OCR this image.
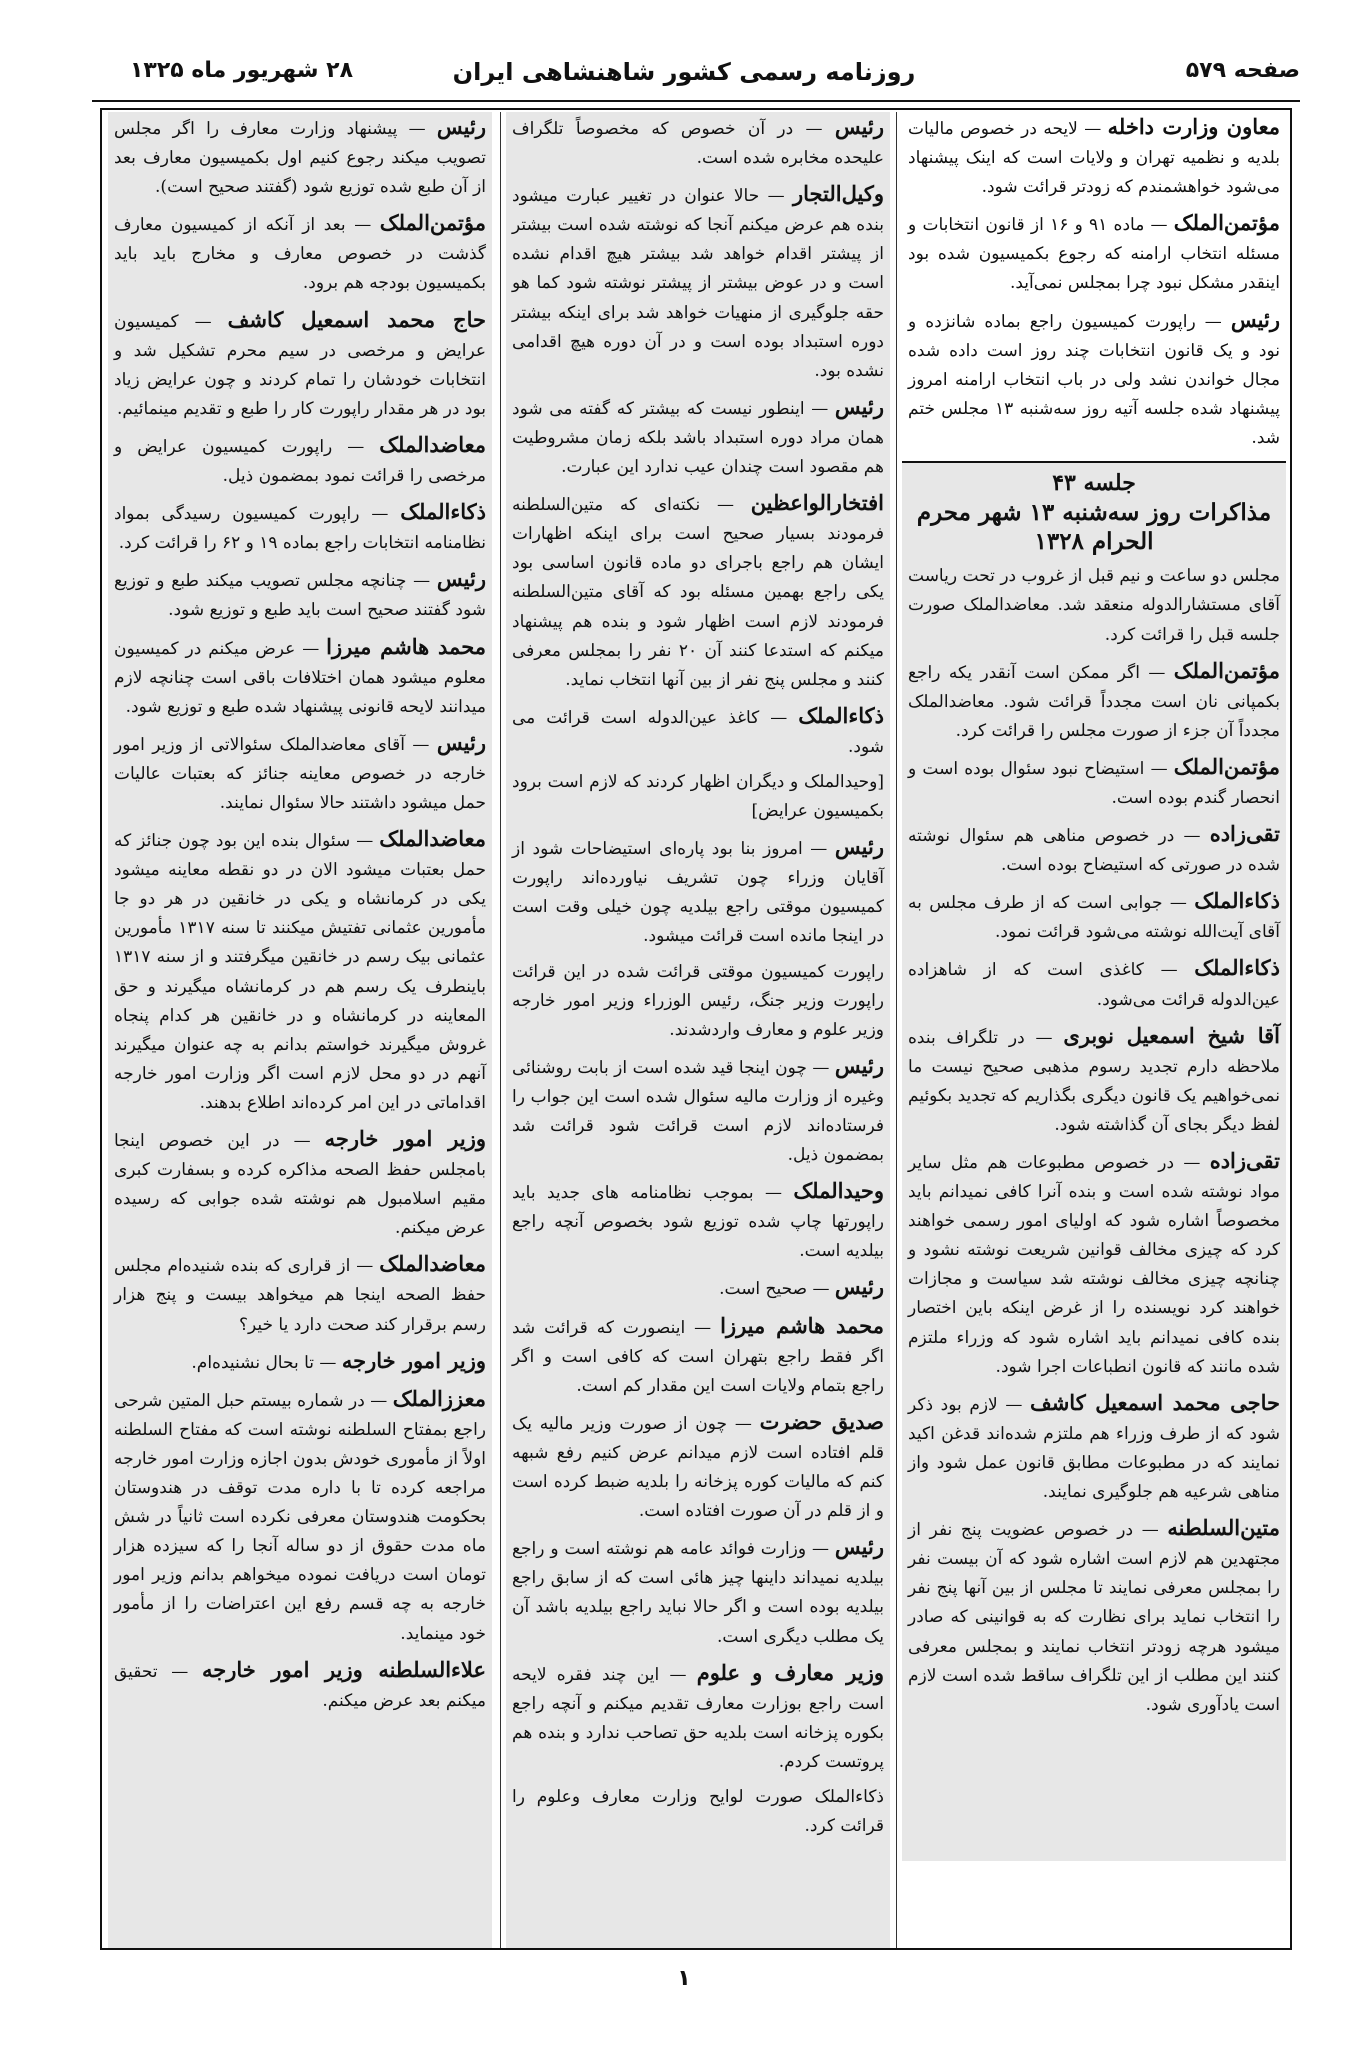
صفحه ۵۷۹
روزنامه رسمی کشور شاهنشاهی ایران
۲۸ شهریور ماه ۱۳۲۵

معاون وزارت داخله — لایحه در خصوص مالیات بلدیه و نظمیه تهران و ولایات است که اینک پیشنهاد می‌شود خواهشمندم که زودتر قرائت شود.

مؤتمن‌الملک — ماده ۹۱ و ۱۶ از قانون انتخابات و مسئله انتخاب ارامنه که رجوع بکمیسیون شده بود اینقدر مشکل نبود چرا بمجلس نمی‌آید.

رئیس — راپورت کمیسیون راجع بماده شانزده و نود و یک قانون انتخابات چند روز است داده شده مجال خواندن نشد ولی در باب انتخاب ارامنه امروز پیشنهاد شده جلسه آتیه روز سه‌شنبه ۱۳ مجلس ختم شد.

جلسه ۴۳
مذاکرات روز سه‌شنبه ۱۳ شهر محرم الحرام ۱۳۲۸

مجلس دو ساعت و نیم قبل از غروب در تحت ریاست آقای مستشارالدوله منعقد شد. معاضدالملک صورت جلسه قبل را قرائت کرد.

مؤتمن‌الملک — اگر ممکن است آنقدر یکه راجع بکمپانی نان است مجدداً قرائت شود. معاضدالملک مجدداً آن جزء از صورت مجلس را قرائت کرد.

مؤتمن‌الملک — استیضاح نبود سئوال بوده است و انحصار گندم بوده است.

تقی‌زاده — در خصوص مناهی هم سئوال نوشته شده در صورتی که استیضاح بوده است.

ذکاءالملک — جوابی است که از طرف مجلس به آقای آیت‌الله نوشته می‌شود قرائت نمود.

ذکاءالملک — کاغذی است که از شاهزاده عین‌الدوله قرائت می‌شود.

آقا شیخ اسمعیل نوبری — در تلگراف بنده ملاحظه دارم تجدید رسوم مذهبی صحیح نیست ما نمی‌خواهیم یک قانون دیگری بگذاریم که تجدید بکوئیم لفظ دیگر بجای آن گذاشته شود.

تقی‌زاده — در خصوص مطبوعات هم مثل سایر مواد نوشته شده است و بنده آنرا کافی نمیدانم باید مخصوصاً اشاره شود که اولیای امور رسمی خواهند کرد که چیزی مخالف قوانین شریعت نوشته نشود و چنانچه چیزی مخالف نوشته شد سیاست و مجازات خواهند کرد نویسنده را از غرض اینکه باین اختصار بنده کافی نمیدانم باید اشاره شود که وزراء ملتزم شده مانند که قانون انطباعات اجرا شود.

حاجی محمد اسمعیل کاشف — لازم بود ذکر شود که از طرف وزراء هم ملتزم شده‌اند قدغن اکید نمایند که در مطبوعات مطابق قانون عمل شود واز مناهی شرعیه هم جلوگیری نمایند.

متین‌السلطنه — در خصوص عضویت پنج نفر از مجتهدین هم لازم است اشاره شود که آن بیست نفر را بمجلس معرفی نمایند تا مجلس از بین آنها پنج نفر را انتخاب نماید برای نظارت که به قوانینی که صادر میشود هرچه زودتر انتخاب نمایند و بمجلس معرفی کنند این مطلب از این تلگراف ساقط شده است لازم است یادآوری شود.

رئیس — در آن خصوص که مخصوصاً تلگراف علیحده مخابره شده است.

وکیل‌التجار — حالا عنوان در تغییر عبارت میشود بنده هم عرض میکنم آنجا که نوشته شده است بیشتر از پیشتر اقدام خواهد شد بیشتر هیچ اقدام نشده است و در عوض بیشتر از پیشتر نوشته شود کما هو حقه جلوگیری از منهیات خواهد شد برای اینکه بیشتر دوره استبداد بوده است و در آن دوره هیچ اقدامی نشده بود.

رئیس — اینطور نیست که بیشتر که گفته می شود همان مراد دوره استبداد باشد بلکه زمان مشروطیت هم مقصود است چندان عیب ندارد این عبارت.

افتخارالواعظین — نکته‌ای که متین‌السلطنه فرمودند بسیار صحیح است برای اینکه اظهارات ایشان هم راجع باجرای دو ماده قانون اساسی بود یکی راجع بهمین مسئله بود که آقای متین‌السلطنه فرمودند لازم است اظهار شود و بنده هم پیشنهاد میکنم که استدعا کنند آن ۲۰ نفر را بمجلس معرفی کنند و مجلس پنج نفر از بین آنها انتخاب نماید.

ذکاءالملک — کاغذ عین‌الدوله است قرائت می شود.

[وحیدالملک و دیگران اظهار کردند که لازم است برود بکمیسیون عرایض]

رئیس — امروز بنا بود پاره‌ای استیضاحات شود از آقایان وزراء چون تشریف نیاورده‌اند راپورت کمیسیون موقتی راجع بیلدیه چون خیلی وقت است در اینجا مانده است قرائت میشود.

راپورت کمیسیون موقتی قرائت شده در این قرائت راپورت وزیر جنگ، رئیس الوزراء وزیر امور خارجه وزیر علوم و معارف واردشدند.

رئیس — چون اینجا قید شده است از بابت روشنائی وغیره از وزارت مالیه سئوال شده است این جواب را فرستاده‌اند لازم است قرائت شود قرائت شد بمضمون ذیل.

وحیدالملک — بموجب نظامنامه های جدید باید راپورتها چاپ شده توزیع شود بخصوص آنچه راجع بیلدیه است.

رئیس — صحیح است.

محمد هاشم میرزا — اینصورت که قرائت شد اگر فقط راجع بتهران است که کافی است و اگر راجع بتمام ولایات است این مقدار کم است.

صدیق حضرت — چون از صورت وزیر مالیه یک قلم افتاده است لازم میدانم عرض کنیم رفع شبهه کنم که مالیات کوره پزخانه را بلدیه ضبط کرده است و از قلم در آن صورت افتاده است.

رئیس — وزارت فوائد عامه هم نوشته است و راجع بیلدیه نمیداند داینها چیز هائی است که از سابق راجع بیلدیه بوده است و اگر حالا نباید راجع بیلدیه باشد آن یک مطلب دیگری است.

وزیر معارف و علوم — این چند فقره لایحه است راجع بوزارت معارف تقدیم میکنم و آنچه راجع بکوره پزخانه است بلدیه حق تصاحب ندارد و بنده هم پروتست کردم.

ذکاءالملک صورت لوایح وزارت معارف وعلوم را قرائت کرد.

رئیس — پیشنهاد وزارت معارف را اگر مجلس تصویب میکند رجوع کنیم اول بکمیسیون معارف بعد از آن طبع شده توزیع شود (گفتند صحیح است).

مؤتمن‌الملک — بعد از آنکه از کمیسیون معارف گذشت در خصوص معارف و مخارج باید باید بکمیسیون بودجه هم برود.

حاج محمد اسمعیل کاشف — کمیسیون عرایض و مرخصی در سیم محرم تشکیل شد و انتخابات خودشان را تمام کردند و چون عرایض زیاد بود در هر مقدار راپورت کار را طبع و تقدیم مینمائیم.

معاضدالملک — راپورت کمیسیون عرایض و مرخصی را قرائت نمود بمضمون ذیل.

ذکاءالملک — راپورت کمیسیون رسیدگی بمواد نظامنامه انتخابات راجع بماده ۱۹ و ۶۲ را قرائت کرد.

رئیس — چنانچه مجلس تصویب میکند طبع و توزیع شود گفتند صحیح است باید طبع و توزیع شود.

محمد هاشم میرزا — عرض میکنم در کمیسیون معلوم میشود همان اختلافات باقی است چنانچه لازم میدانند لایحه قانونی پیشنهاد شده طبع و توزیع شود.

رئیس — آقای معاضدالملک سئوالاتی از وزیر امور خارجه در خصوص معاینه جنائز که بعتبات عالیات حمل میشود داشتند حالا سئوال نمایند.

معاضدالملک — سئوال بنده این بود چون جنائز که حمل بعتبات میشود الان در دو نقطه معاینه میشود یکی در کرمانشاه و یکی در خانقین در هر دو جا مأمورین عثمانی تفتیش میکنند تا سنه ۱۳۱۷ مأمورین عثمانی بیک رسم در خانقین میگرفتند و از سنه ۱۳۱۷ باینطرف یک رسم هم در کرمانشاه میگیرند و حق المعاینه در کرمانشاه و در خانقین هر کدام پنجاه غروش میگیرند خواستم بدانم به چه عنوان میگیرند آنهم در دو محل لازم است اگر وزارت امور خارجه اقداماتی در این امر کرده‌اند اطلاع بدهند.

وزیر امور خارجه — در این خصوص اینجا بامجلس حفظ الصحه مذاکره کرده و بسفارت کبری مقیم اسلامبول هم نوشته شده جوابی که رسیده عرض میکنم.

معاضدالملک — از قراری که بنده شنیده‌ام مجلس حفظ الصحه اینجا هم میخواهد بیست و پنج هزار رسم برقرار کند صحت دارد یا خیر؟

وزیر امور خارجه — تا بحال نشنیده‌ام.

معززالملک — در شماره بیستم حبل المتین شرحی راجع بمفتاح السلطنه نوشته است که مفتاح السلطنه اولاً از مأموری خودش بدون اجازه وزارت امور خارجه مراجعه کرده تا با داره مدت توقف در هندوستان بحکومت هندوستان معرفی نکرده است ثانیاً در شش ماه مدت حقوق از دو ساله آنجا را که سیزده هزار تومان است دریافت نموده میخواهم بدانم وزیر امور خارجه به چه قسم رفع این اعتراضات را از مأمور خود مینماید.

علاءالسلطنه وزیر امور خارجه — تحقیق میکنم بعد عرض میکنم.

۱
